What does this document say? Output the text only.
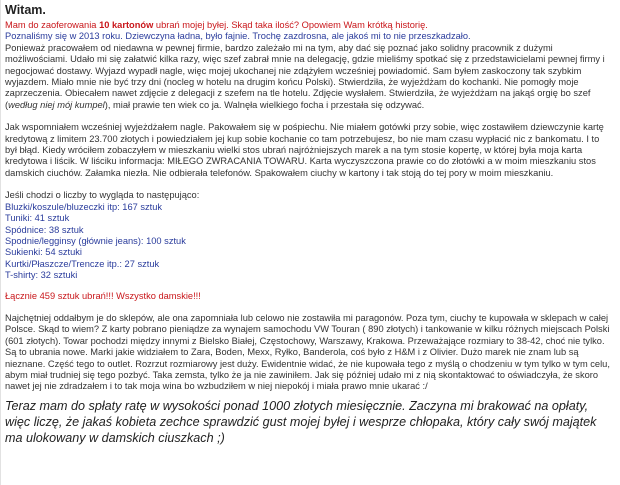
Witam.

Mam do zaoferowania 10 kartonów ubrań mojej byłej. Skąd taka ilość? Opowiem Wam krótką historię.

Poznaliśmy się w 2013 roku. Dziewczyna ładna, było fajnie. Trochę zazdrosna, ale jakoś mi to nie przeszkadzało.

Ponieważ pracowałem od niedawna w pewnej firmie, bardzo zależało mi na tym, aby dać się poznać jako solidny pracownik z dużymi możliwościami. Udało mi się załatwić kilka razy, więc szef zabrał mnie na delegację, gdzie mieliśmy spotkać się z przedstawicielami pewnej firmy i negocjować dostawy. Wyjazd wypadł nagle, więc mojej ukochanej nie zdążyłem wcześniej powiadomić. Sam byłem zaskoczony tak szybkim wyjazdem. Miało mnie nie być trzy dni (nocleg w hotelu na drugim końcu Polski). Stwierdziła, że wyjeżdżam do kochanki. Nie pomogły moje zaprzeczenia. Obiecałem nawet zdjęcie z delegacji z szefem na tle hotelu. Zdjęcie wysłałem. Stwierdziła, że wyjeżdżam na jakąś orgię bo szef (według niej mój kumpel), miał prawie ten wiek co ja. Walnęła wielkiego focha i przestała się odzywać.

Jak wspomniałem wcześniej wyjeżdżałem nagle. Pakowałem się w pośpiechu. Nie miałem gotówki przy sobie, więc zostawiłem dziewczynie kartę kredytową z limitem 23.700 złotych i powiedziałem jej kup sobie kochanie co tam potrzebujesz, bo nie mam czasu wypłacić nic z bankomatu. I to był błąd. Kiedy wróciłem zobaczyłem w mieszkaniu wielki stos ubrań najróżniejszych marek a na tym stosie kopertę, w której była moja karta kredytowa i liścik. W liściku informacja: MIŁEGO ZWRACANIA TOWARU. Karta wyczyszczona prawie co do złotówki a w moim mieszkaniu stos damskich ciuchów. Załamka niezła. Nie odbierała telefonów. Spakowałem ciuchy w kartony i tak stoją do tej pory w moim mieszkaniu.

Jeśli chodzi o liczby to wygląda to następująco:

Bluzki/koszule/bluzeczki itp: 167 sztuk

Tuniki: 41 sztuk

Spódnice: 38 sztuk

Spodnie/legginsy (głównie jeans): 100 sztuk

Sukienki: 54 sztuki

Kurtki/Płaszcze/Trencze itp.: 27 sztuk

T-shirty: 32 sztuki

Łącznie 459 sztuk ubrań!!! Wszystko damskie!!!

Najchętniej oddałbym je do sklepów, ale ona zapomniała lub celowo nie zostawiła mi paragonów. Poza tym, ciuchy te kupowała w sklepach w całej Polsce. Skąd to wiem? Z karty pobrano pieniądze za wynajem samochodu VW Touran ( 890 złotych) i tankowanie w kilku różnych miejscach Polski (601 złotych). Towar pochodzi między innymi z Bielsko Białej, Częstochowy, Warszawy, Krakowa. Przeważające rozmiary to 38-42, choć nie tylko. Są to ubrania nowe. Marki jakie widziałem to Zara, Boden, Mexx, Ryłko, Banderola, coś było z H&M i z Olivier. Dużo marek nie znam lub są nieznane. Część tego to outlet. Rozrzut rozmiarowy jest duży. Ewidentnie widać, że nie kupowała tego z myślą o chodzeniu w tym tylko w tym celu, abym miał trudniej się tego pozbyć. Taka zemsta, tylko że ja nie zawiniłem. Jak się później udało mi z nią skontaktować to oświadczyła, że skoro nawet jej nie zdradzałem i to tak moja wina bo wzbudziłem w niej niepokój i miała prawo mnie ukarać :/

Teraz mam do spłaty ratę w wysokości ponad 1000 złotych miesięcznie. Zaczyna mi brakować na opłaty, więc liczę, że jakaś kobieta zechce sprawdzić gust mojej byłej i wesprze chłopaka, który cały swój majątek ma ulokowany w damskich ciuszkach ;)
